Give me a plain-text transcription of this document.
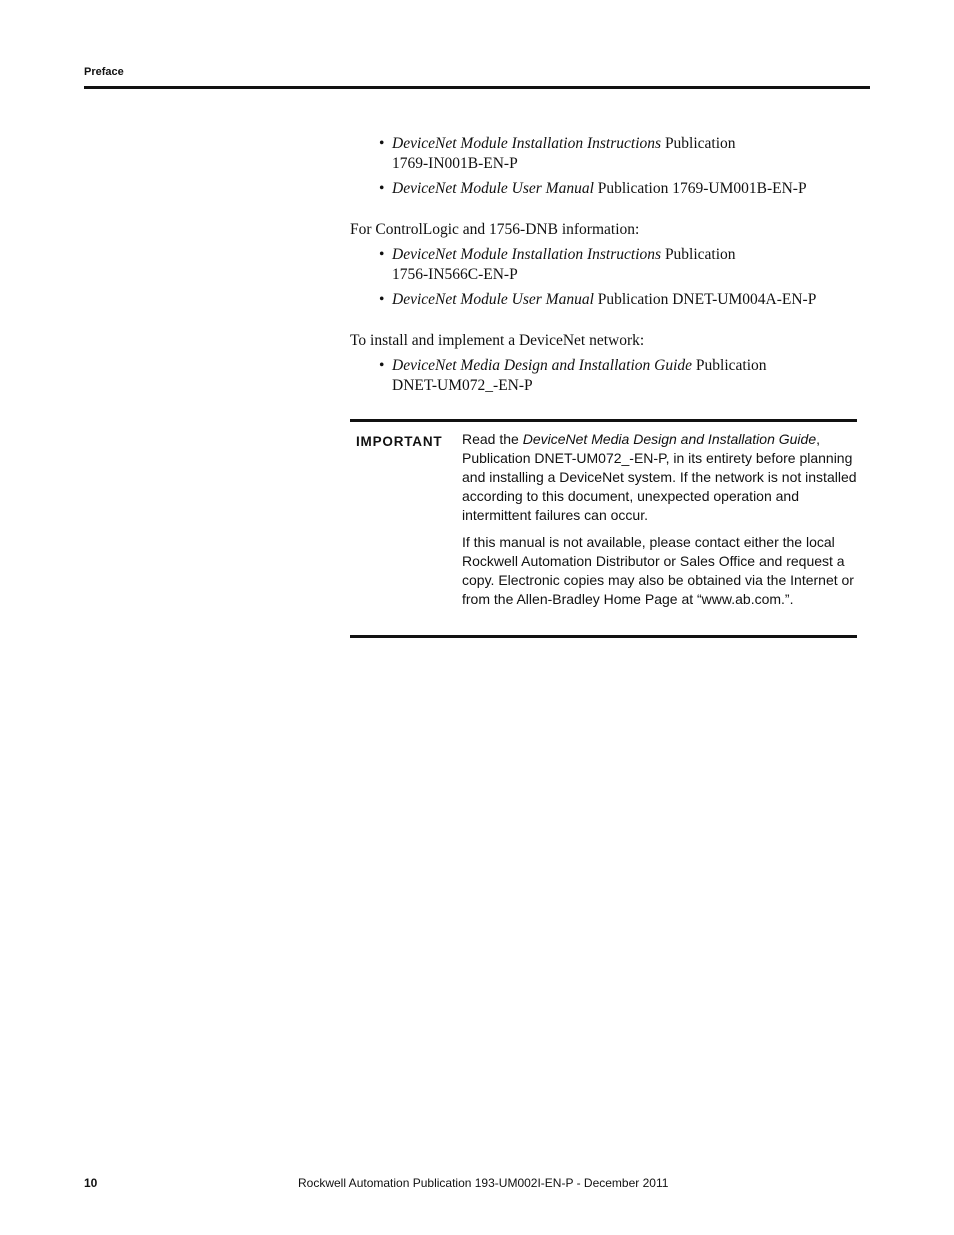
Preface
• DeviceNet Module Installation Instructions Publication
1769-IN001B-EN-P
• DeviceNet Module User Manual Publication 1769-UM001B-EN-P

For ControlLogic and 1756-DNB information:

• DeviceNet Module Installation Instructions Publication
1756-IN566C-EN-P
• DeviceNet Module User Manual Publication DNET-UM004A-EN-P

To install and implement a DeviceNet network:

• DeviceNet Media Design and Installation Guide Publication
DNET-UM072_-EN-P
IMPORTANT Read the DeviceNet Media Design and Installation Guide, Publication DNET-UM072_-EN-P, in its entirety before planning and installing a DeviceNet system. If the network is not installed according to this document, unexpected operation and intermittent failures can occur.

If this manual is not available, please contact either the local Rockwell Automation Distributor or Sales Office and request a copy. Electronic copies may also be obtained via the Internet or from the Allen-Bradley Home Page at “www.ab.com.”.

10	Rockwell Automation Publication 193-UM002I-EN-P - December 2011
